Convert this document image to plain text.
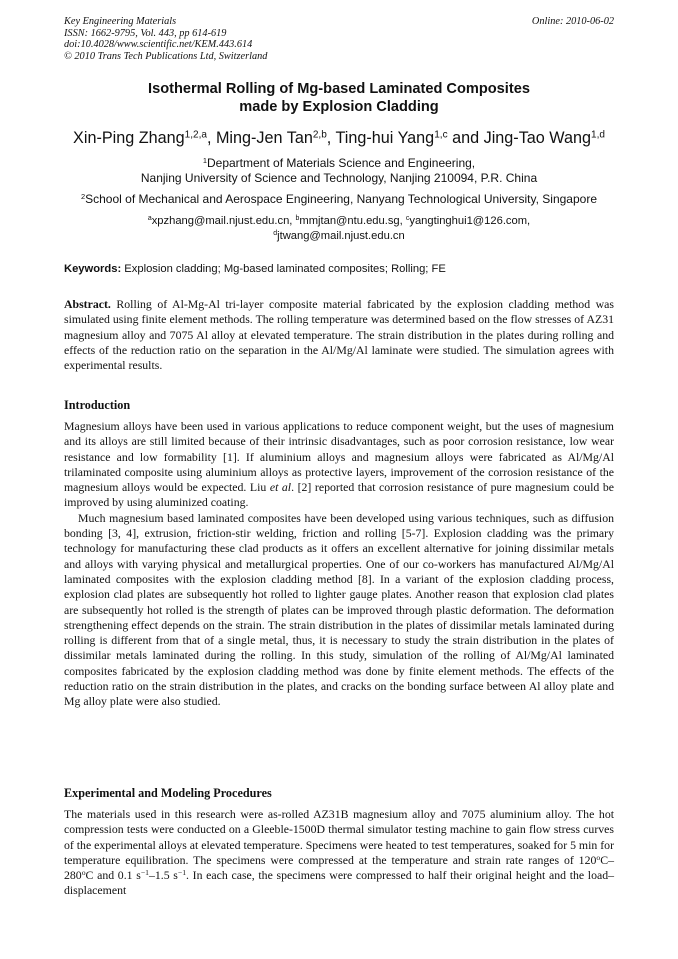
Key Engineering Materials
ISSN: 1662-9795, Vol. 443, pp 614-619
doi:10.4028/www.scientific.net/KEM.443.614
© 2010 Trans Tech Publications Ltd, Switzerland
Online: 2010-06-02
Isothermal Rolling of Mg-based Laminated Composites
made by Explosion Cladding
Xin-Ping Zhang$^{1,2,a}$, Ming-Jen Tan$^{2,b}$, Ting-hui Yang$^{1,c}$ and Jing-Tao Wang$^{1,d}$
$^1$Department of Materials Science and Engineering,
Nanjing University of Science and Technology, Nanjing 210094, P.R. China
$^2$School of Mechanical and Aerospace Engineering, Nanyang Technological University, Singapore
$^a$xpzhang@mail.njust.edu.cn, $^b$mmjtan@ntu.edu.sg, $^c$yangtinghui1@126.com,
$^d$jtwang@mail.njust.edu.cn
Keywords: Explosion cladding; Mg-based laminated composites; Rolling; FE

Abstract. Rolling of Al-Mg-Al tri-layer composite material fabricated by the explosion cladding method was simulated using finite element methods. The rolling temperature was determined based on the flow stresses of AZ31 magnesium alloy and 7075 Al alloy at elevated temperature. The strain distribution in the plates during rolling and effects of the reduction ratio on the separation in the Al/Mg/Al laminate were studied. The simulation agrees with experimental results.

Introduction

Magnesium alloys have been used in various applications to reduce component weight, but the uses of magnesium and its alloys are still limited because of their intrinsic disadvantages, such as poor corrosion resistance, low wear resistance and low formability [1]. If aluminium alloys and magnesium alloys were fabricated as Al/Mg/Al trilaminated composite using aluminium alloys as protective layers, improvement of the corrosion resistance of the magnesium alloys would be expected. Liu et al. [2] reported that corrosion resistance of pure magnesium could be improved by using aluminized coating.

Much magnesium based laminated composites have been developed using various techniques, such as diffusion bonding [3, 4], extrusion, friction-stir welding, friction and rolling [5-7]. Explosion cladding was the primary technology for manufacturing these clad products as it offers an excellent alternative for joining dissimilar metals and alloys with varying physical and metallurgical properties. One of our co-workers has manufactured Al/Mg/Al laminated composites with the explosion cladding method [8]. In a variant of the explosion cladding process, explosion clad plates are subsequently hot rolled to lighter gauge plates. Another reason that explosion clad plates are subsequently hot rolled is the strength of plates can be improved through plastic deformation. The deformation strengthening effect depends on the strain. The strain distribution in the plates of dissimilar metals laminated during rolling is different from that of a single metal, thus, it is necessary to study the strain distribution in the plates of dissimilar metals laminated during the rolling. In this study, simulation of the rolling of Al/Mg/Al laminated composites fabricated by the explosion cladding method was done by finite element methods. The effects of the reduction ratio on the strain distribution in the plates, and cracks on the bonding surface between Al alloy plate and Mg alloy plate were also studied.

Experimental and Modeling Procedures

The materials used in this research were as-rolled AZ31B magnesium alloy and 7075 aluminium alloy. The hot compression tests were conducted on a Gleeble-1500D thermal simulator testing machine to gain flow stress curves of the experimental alloys at elevated temperature. Specimens were heated to test temperatures, soaked for 5 min for temperature equilibration. The specimens were compressed at the temperature and strain rate ranges of 120$^o$C–280$^o$C and 0.1 $s^{-1}-1.5$ $s^{-1}$. In each case, the specimens were compressed to half their original height and the load–displacement
